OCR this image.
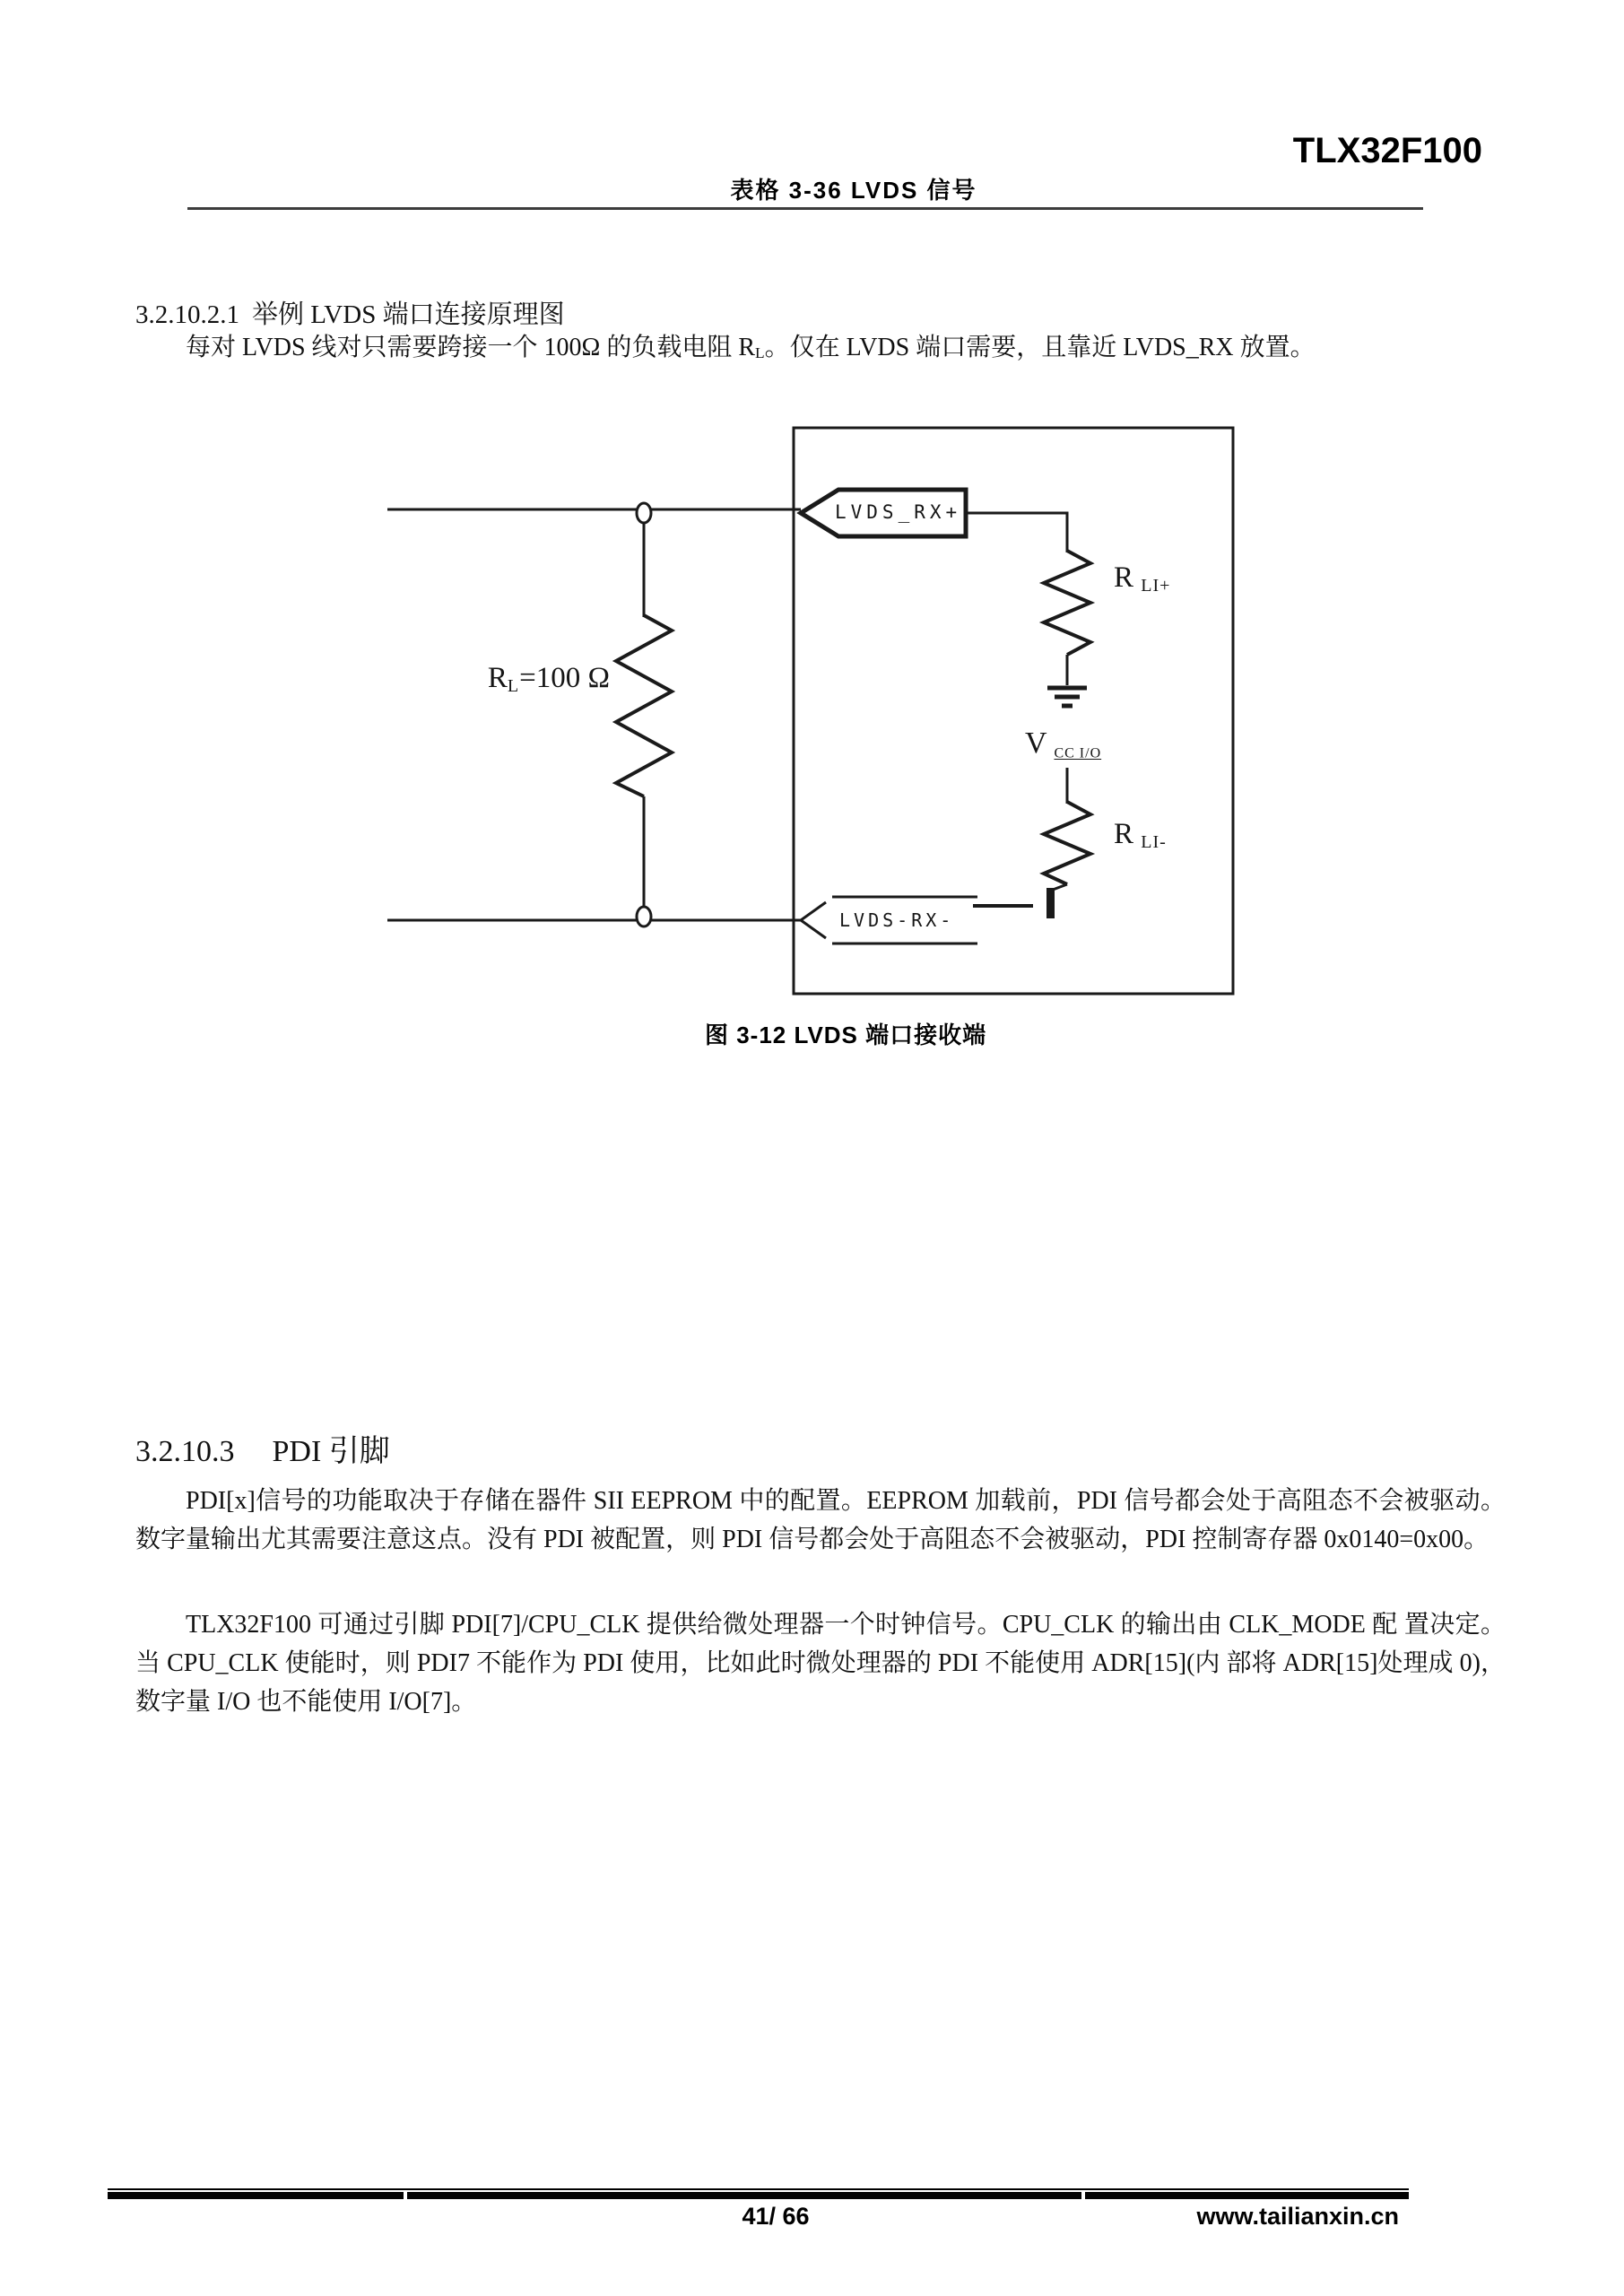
TLX32F100
表格 3-36 LVDS 信号
3.2.10.2.1 举例 LVDS 端口连接原理图

每对 LVDS 线对只需要跨接一个 100Ω 的负载电阻 RL。仅在 LVDS 端口需要，且靠近 LVDS_RX 放置。

$R_L=100$ Ω
LVDS_RX+
R $_{LI+}$
V $_{CC I/O}$
R $_{LI-}$
LVDS-RX-
图 3-12 LVDS 端口接收端
3.2.10.3 PDI 引脚

PDI[x]信号的功能取决于存储在器件 SII EEPROM 中的配置。EEPROM 加载前，PDI 信号都会处于高阻态不会被驱动。数字量输出尤其需要注意这点。没有 PDI 被配置，则 PDI 信号都会处于高阻态不会被驱动，PDI 控制寄存器 0x0140=0x00。

TLX32F100 可通过引脚 PDI[7]/CPU_CLK 提供给微处理器一个时钟信号。CPU_CLK 的输出由 CLK_MODE 配 置决定。当 CPU_CLK 使能时，则 PDI7 不能作为 PDI 使用，比如此时微处理器的 PDI 不能使用 ADR[15](内 部将 ADR[15]处理成 0)，数字量 I/O 也不能使用 I/O[7]。

41/ 66	www.tailianxin.cn
